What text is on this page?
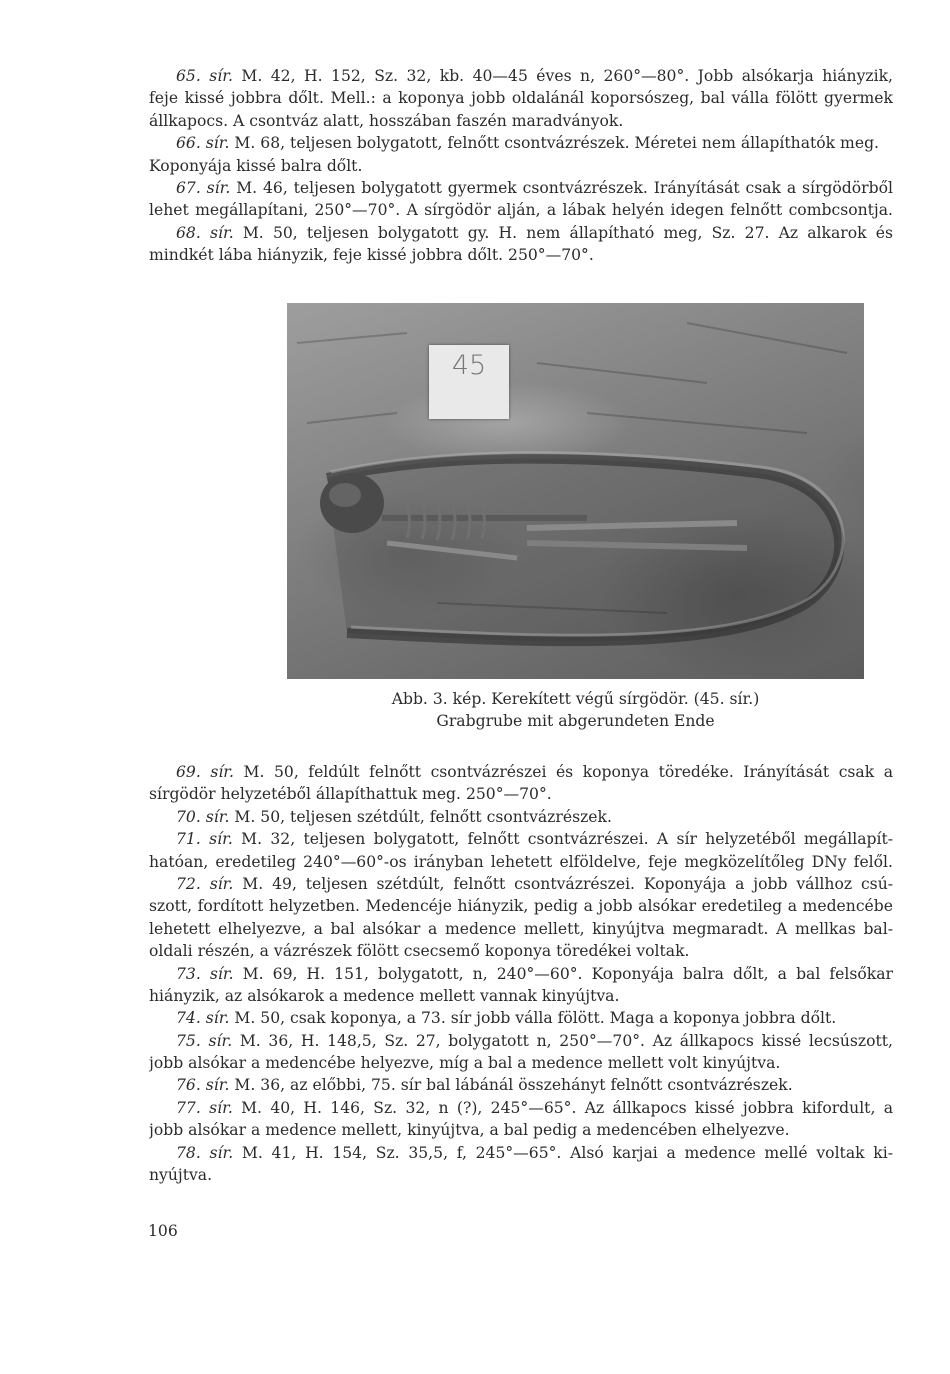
65. sír. M. 42, H. 152, Sz. 32, kb. 40—45 éves n, 260°—80°. Jobb alsókarja hiányzik,
feje kissé jobbra dőlt. Mell.: a koponya jobb oldalánál koporsószeg, bal válla fölött gyermek
állkapocs. A csontváz alatt, hosszában faszén maradványok.
66. sír. M. 68, teljesen bolygatott, felnőtt csontvázrészek. Méretei nem állapíthatók meg.
Koponyája kissé balra dőlt.
67. sír. M. 46, teljesen bolygatott gyermek csontvázrészek. Irányítását csak a sírgödörből
lehet megállapítani, 250°—70°. A sírgödör alján, a lábak helyén idegen felnőtt combcsontja.
68. sír. M. 50, teljesen bolygatott gy. H. nem állapítható meg, Sz. 27. Az alkarok és
mindkét lába hiányzik, feje kissé jobbra dőlt. 250°—70°.
45
Abb. 3. kép. Kerekített végű sírgödör. (45. sír.)
Grabgrube mit abgerundeten Ende
69. sír. M. 50, feldúlt felnőtt csontvázrészei és koponya töredéke. Irányítását csak a
sírgödör helyzetéből állapíthattuk meg. 250°—70°.
70. sír. M. 50, teljesen szétdúlt, felnőtt csontvázrészek.
71. sír. M. 32, teljesen bolygatott, felnőtt csontvázrészei. A sír helyzetéből megállapít-
hatóan, eredetileg 240°—60°-os irányban lehetett elföldelve, feje megközelítőleg DNy felől.
72. sír. M. 49, teljesen szétdúlt, felnőtt csontvázrészei. Koponyája a jobb vállhoz csú-
szott, fordított helyzetben. Medencéje hiányzik, pedig a jobb alsókar eredetileg a medencébe
lehetett elhelyezve, a bal alsókar a medence mellett, kinyújtva megmaradt. A mellkas bal-
oldali részén, a vázrészek fölött csecsemő koponya töredékei voltak.
73. sír. M. 69, H. 151, bolygatott, n, 240°—60°. Koponyája balra dőlt, a bal felsőkar
hiányzik, az alsókarok a medence mellett vannak kinyújtva.
74. sír. M. 50, csak koponya, a 73. sír jobb válla fölött. Maga a koponya jobbra dőlt.
75. sír. M. 36, H. 148,5, Sz. 27, bolygatott n, 250°—70°. Az állkapocs kissé lecsúszott,
jobb alsókar a medencébe helyezve, míg a bal a medence mellett volt kinyújtva.
76. sír. M. 36, az előbbi, 75. sír bal lábánál összehányt felnőtt csontvázrészek.
77. sír. M. 40, H. 146, Sz. 32, n (?), 245°—65°. Az állkapocs kissé jobbra kifordult, a
jobb alsókar a medence mellett, kinyújtva, a bal pedig a medencében elhelyezve.
78. sír. M. 41, H. 154, Sz. 35,5, f, 245°—65°. Alsó karjai a medence mellé voltak ki-
nyújtva.
106
